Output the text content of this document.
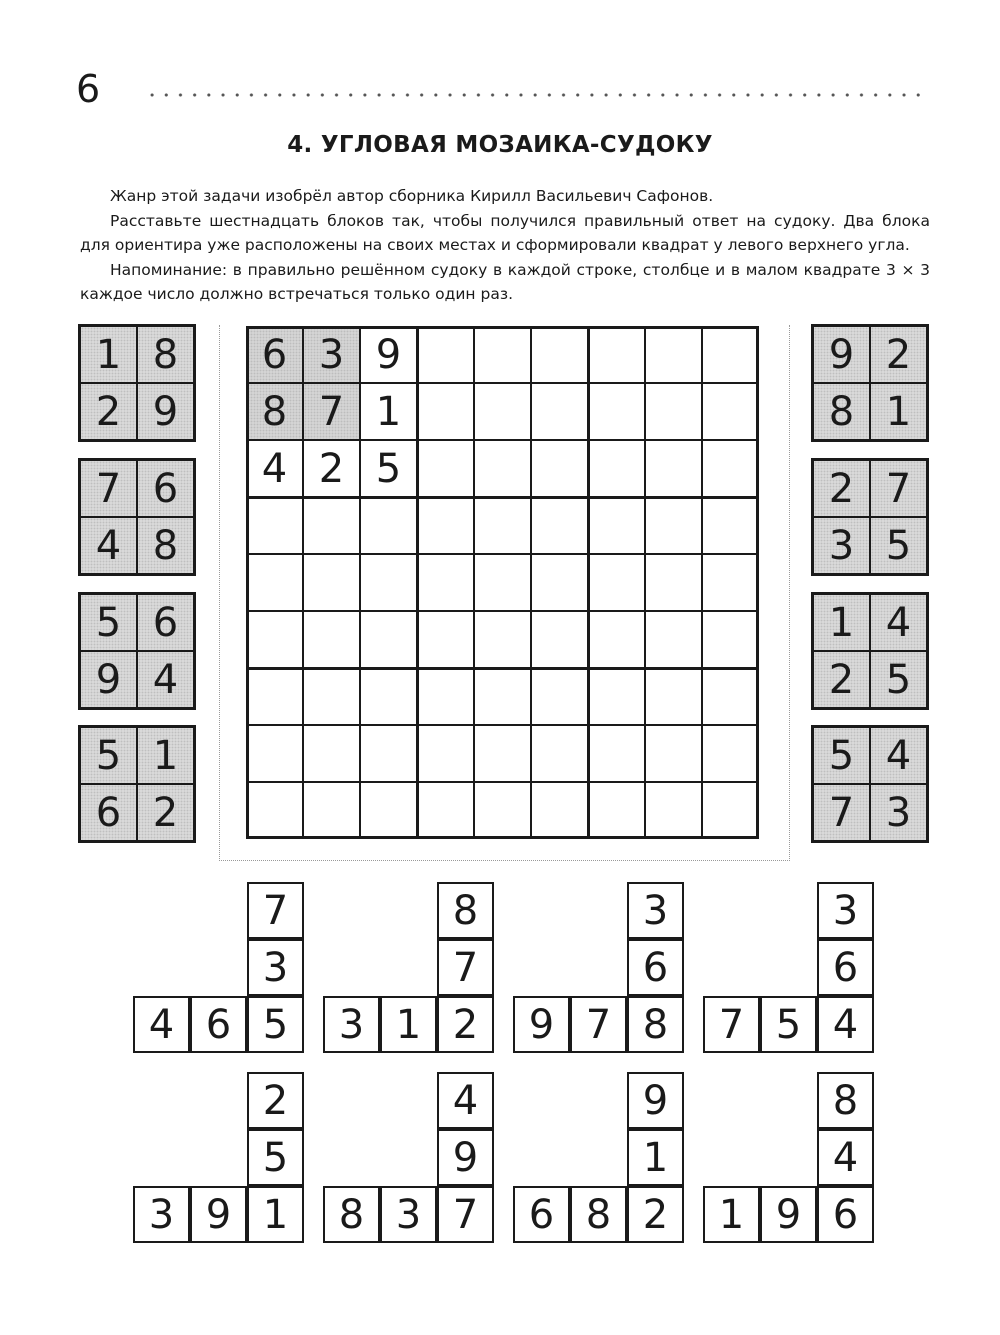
6
4. УГЛОВАЯ МОЗАИКА-СУДОКУ

Жанр этой задачи изобрёл автор сборника Кирилл Васильевич Сафонов.

Расставьте шестнадцать блоков так, чтобы получился правильный ответ на судоку. Два блока для ориентира уже расположены на своих местах и сформировали квадрат у левого верхнего угла.

Напоминание: в правильно решённом судоку в каждой строке, столбце и в малом квадрате 3 × 3 каждое число должно встречаться только один раз.

6 3 9
8 7 1
4 2 5
1 8
2 9
7 6
4 8
5 6
9 4
5 1
6 2
9 2
8 1
2 7
3 5
1 4
2 5
5 4
7 3
7
3
4 6 5
8
7
3 1 2
3
6
9 7 8
3
6
7 5 4
2
5
3 9 1
4
9
8 3 7
9
1
6 8 2
8
4
1 9 6
